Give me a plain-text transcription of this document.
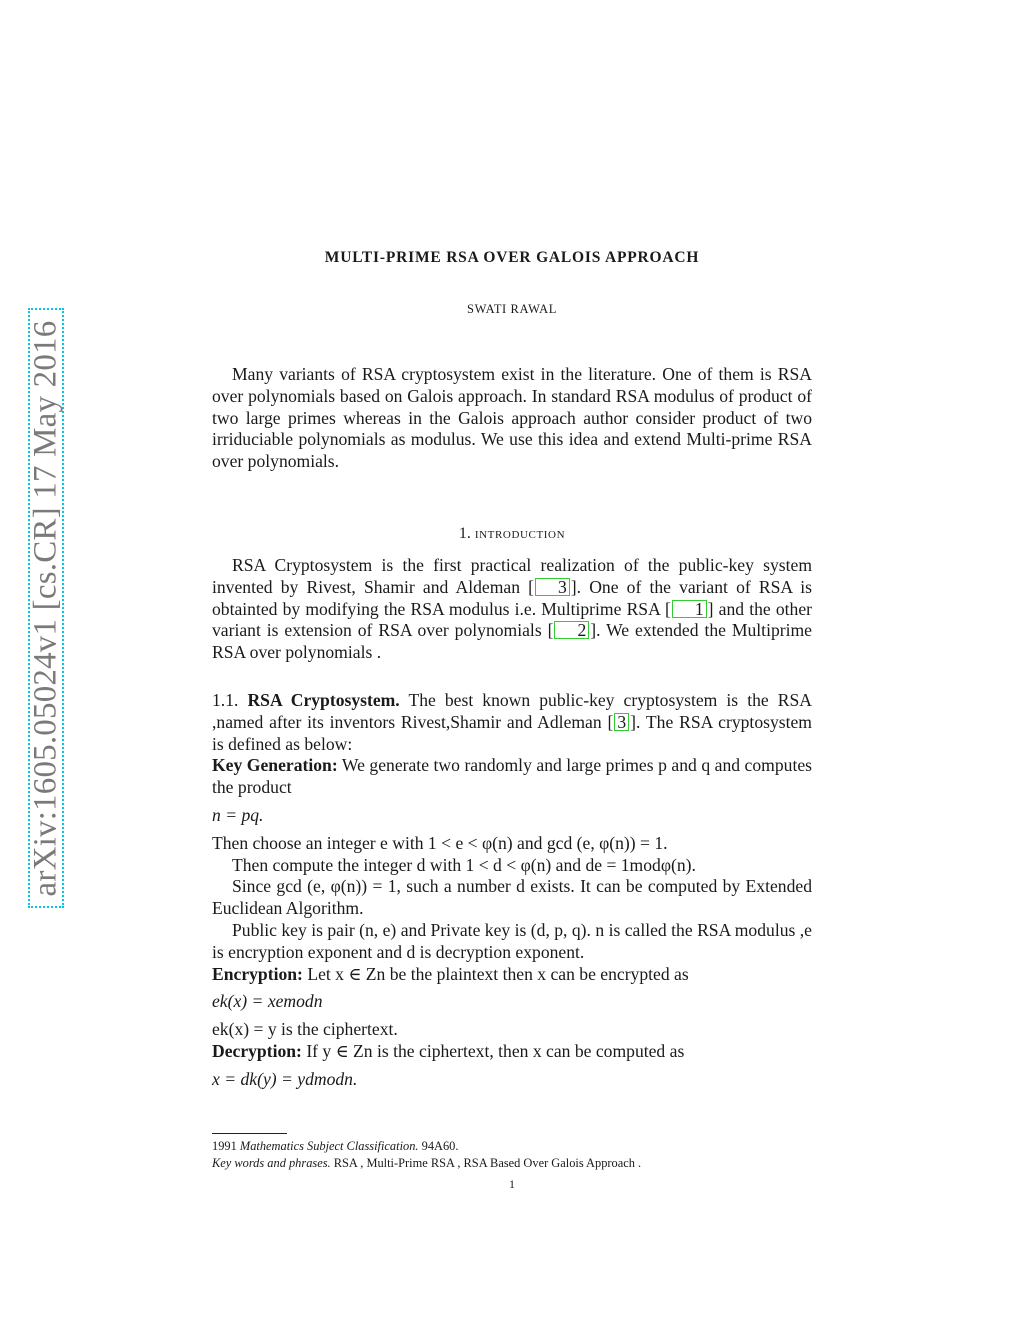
arXiv:1605.05024v1 [cs.CR] 17 May 2016
MULTI-PRIME RSA OVER GALOIS APPROACH
SWATI RAWAL

Many variants of RSA cryptosystem exist in the literature. One of them is RSA over polynomials based on Galois approach. In standard RSA modulus of product of two large primes whereas in the Galois approach author consider product of two irriduciable polynomials as modulus. We use this idea and extend Multi-prime RSA over polynomials.

1. introduction

RSA Cryptosystem is the first practical realization of the public-key system invented by Rivest, Shamir and Aldeman [ 3 ]. One of the variant of RSA is obtainted by modifying the RSA modulus i.e. Multiprime RSA [ 1 ] and the other variant is extension of RSA over polynomials [ 2 ]. We extended the Multiprime RSA over polynomials .

1.1. RSA Cryptosystem. The best known public-key cryptosystem is the RSA ,named after its inventors Rivest,Shamir and Adleman [ 3 ]. The RSA cryptosystem is defined as below:

Key Generation: We generate two randomly and large primes p and q and computes the product

n = pq.

Then choose an integer e with 1 < e < φ(n) and gcd (e, φ(n)) = 1.

Then compute the integer d with 1 < d < φ(n) and de = 1modφ(n).

Since gcd (e, φ(n)) = 1, such a number d exists. It can be computed by Extended Euclidean Algorithm.

Public key is pair (n, e) and Private key is (d, p, q). n is called the RSA modulus ,e is encryption exponent and d is decryption exponent.

Encryption: Let x ∈ Zn be the plaintext then x can be encrypted as

ek(x) = xemodn

ek(x) = y is the ciphertext.

Decryption: If y ∈ Zn is the ciphertext, then x can be computed as

x = dk(y) = ydmodn.

1991 Mathematics Subject Classification. 94A60.
Key words and phrases. RSA , Multi-Prime RSA , RSA Based Over Galois Approach .
1
